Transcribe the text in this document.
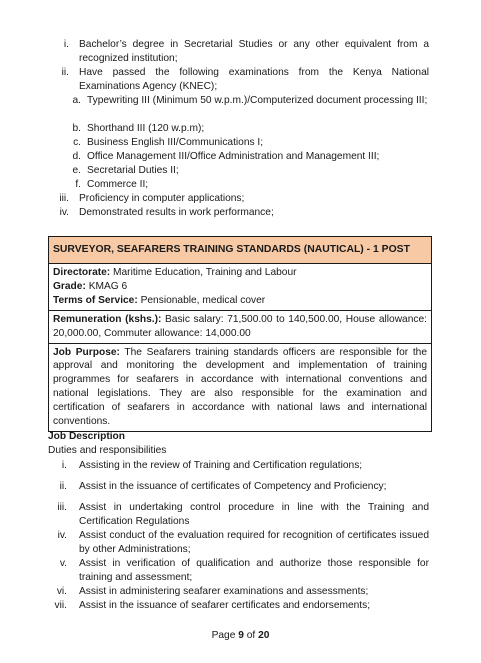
i. Bachelor’s degree in Secretarial Studies or any other equivalent from a recognized institution;
ii. Have passed the following examinations from the Kenya National Examinations Agency (KNEC);
a. Typewriting III (Minimum 50 w.p.m.)/Computerized document processing III;
b. Shorthand III (120 w.p.m);
c. Business English III/Communications I;
d. Office Management III/Office Administration and Management III;
e. Secretarial Duties II;
f. Commerce II;
iii. Proficiency in computer applications;
iv. Demonstrated results in work performance;
SURVEYOR, SEAFARERS TRAINING STANDARDS (NAUTICAL) - 1 POST
Directorate: Maritime Education, Training and Labour
Grade: KMAG 6
Terms of Service: Pensionable, medical cover
Remuneration (kshs.): Basic salary: 71,500.00 to 140,500.00, House allowance: 20,000.00, Commuter allowance: 14,000.00
Job Purpose: The Seafarers training standards officers are responsible for the approval and monitoring the development and implementation of training programmes for seafarers in accordance with international conventions and national legislations. They are also responsible for the examination and certification of seafarers in accordance with national laws and international conventions.
Job Description
Duties and responsibilities
i. Assisting in the review of Training and Certification regulations;
ii. Assist in the issuance of certificates of Competency and Proficiency;
iii. Assist in undertaking control procedure in line with the Training and Certification Regulations
iv. Assist conduct of the evaluation required for recognition of certificates issued by other Administrations;
v. Assist in verification of qualification and authorize those responsible for training and assessment;
vi. Assist in administering seafarer examinations and assessments;
vii. Assist in the issuance of seafarer certificates and endorsements;
Page 9 of 20
